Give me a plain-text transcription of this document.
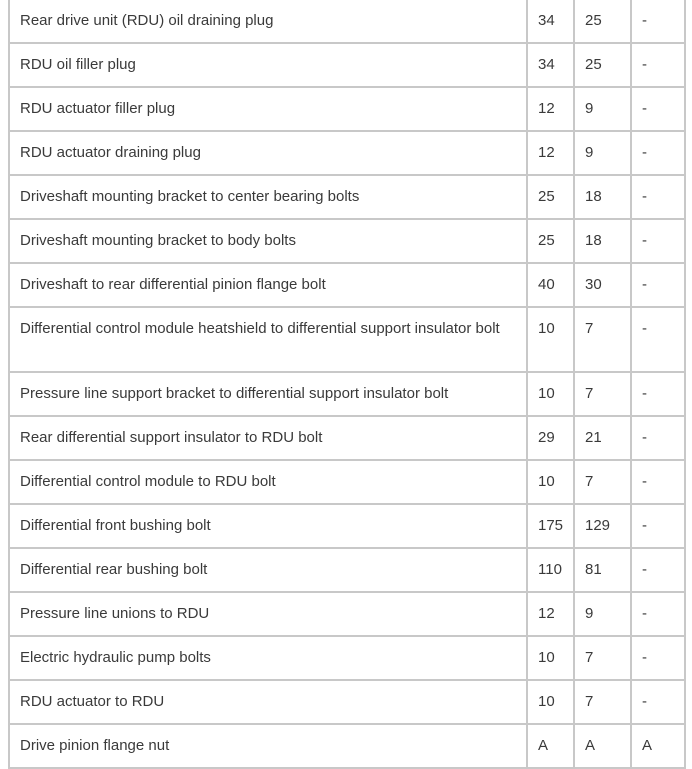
Rear drive unit (RDU) oil draining plug	34	25	-
RDU oil filler plug	34	25	-
RDU actuator filler plug	12	9	-
RDU actuator draining plug	12	9	-
Driveshaft mounting bracket to center bearing bolts	25	18	-
Driveshaft mounting bracket to body bolts	25	18	-
Driveshaft to rear differential pinion flange bolt	40	30	-
Differential control module heatshield to differential support insulator bolt	10	7	-
Pressure line support bracket to differential support insulator bolt	10	7	-
Rear differential support insulator to RDU bolt	29	21	-
Differential control module to RDU bolt	10	7	-
Differential front bushing bolt	175	129	-
Differential rear bushing bolt	110	81	-
Pressure line unions to RDU	12	9	-
Electric hydraulic pump bolts	10	7	-
RDU actuator to RDU	10	7	-
Drive pinion flange nut	A	A	A
